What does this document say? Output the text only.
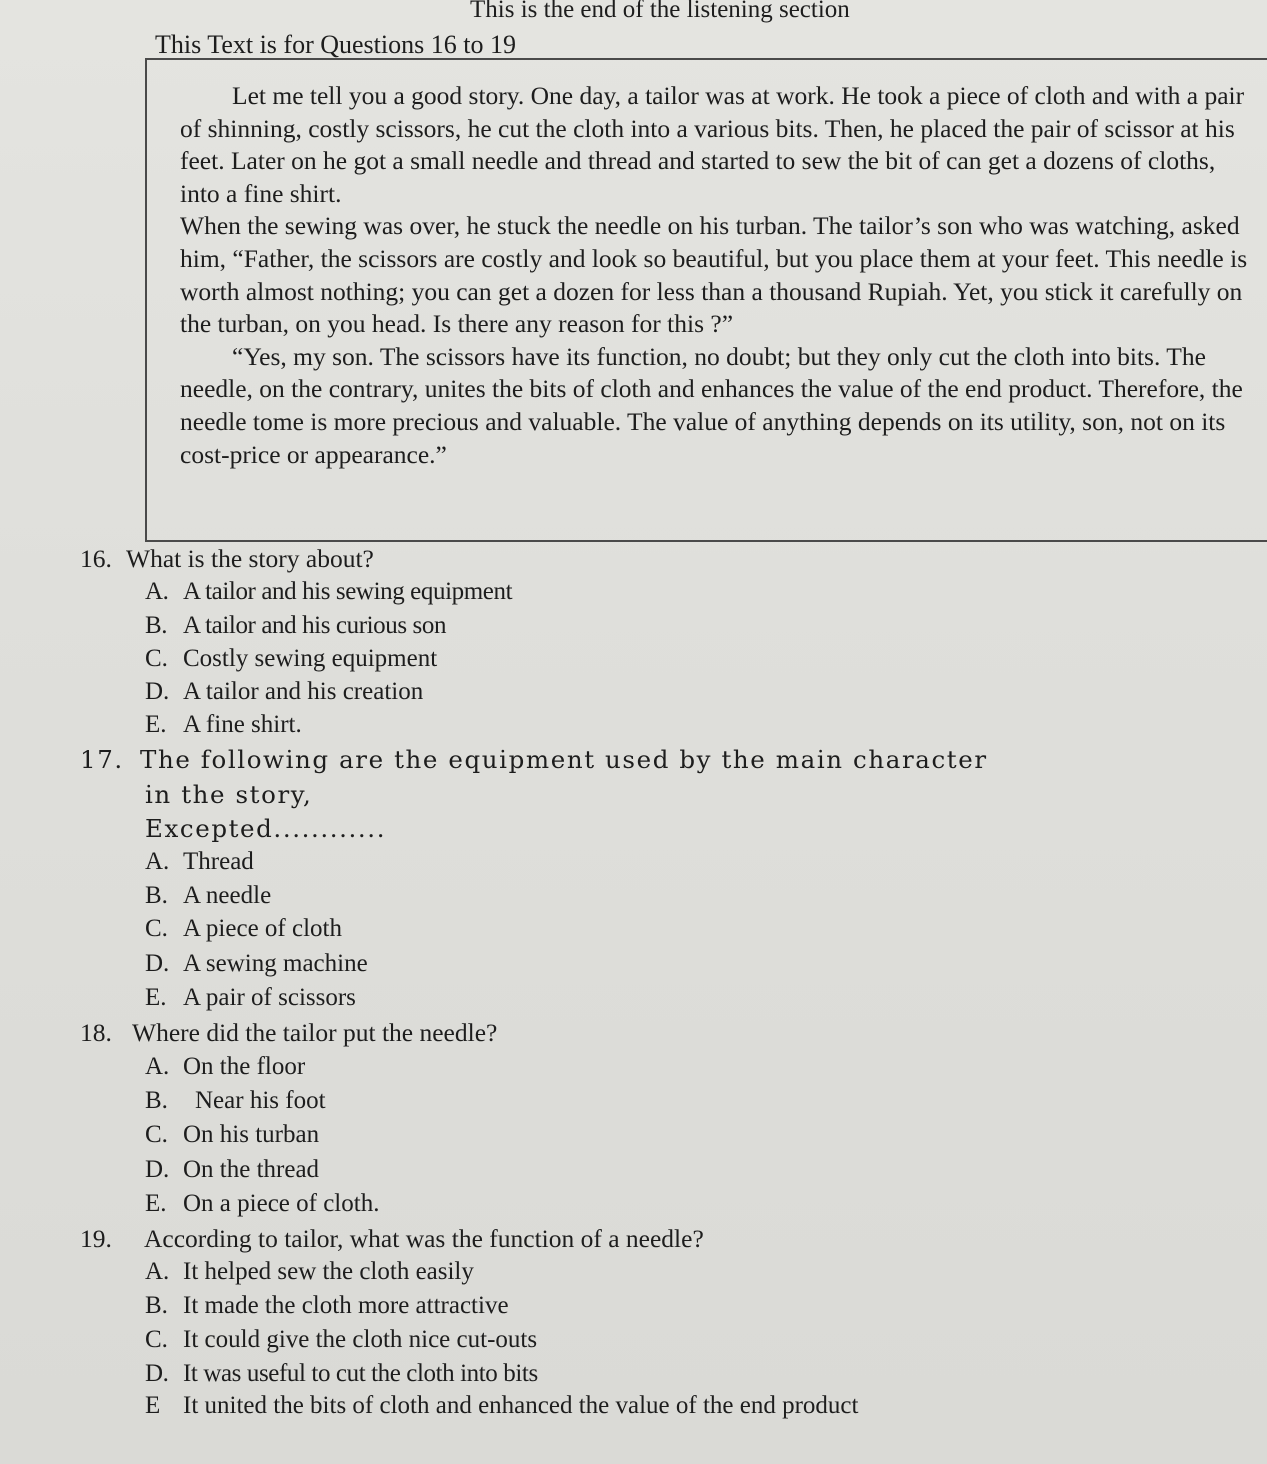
This is the end of the listening section
This Text is for Questions 16 to 19

Let me tell you a good story. One day, a tailor was at work. He took a piece of cloth and with a pair of shinning, costly scissors, he cut the cloth into a various bits. Then, he placed the pair of scissor at his feet. Later on he got a small needle and thread and started to sew the bit of can get a dozens of cloths, into a fine shirt.

When the sewing was over, he stuck the needle on his turban. The tailor’s son who was watching, asked him, “Father, the scissors are costly and look so beautiful, but you place them at your feet. This needle is worth almost nothing; you can get a dozen for less than a thousand Rupiah. Yet, you stick it carefully on the turban, on you head. Is there any reason for this ?”

“Yes, my son. The scissors have its function, no doubt; but they only cut the cloth into bits. The needle, on the contrary, unites the bits of cloth and enhances the value of the end product. Therefore, the needle tome is more precious and valuable. The value of anything depends on its utility, son, not on its cost-price or appearance.”

16. What is the story about?
A. A tailor and his sewing equipment
B. A tailor and his curious son
C. Costly sewing equipment
D. A tailor and his creation
E. A fine shirt.
17. The following are the equipment used by the main character
in the story,
Excepted............
A. Thread
B. A needle
C. A piece of cloth
D. A sewing machine
E. A pair of scissors
18. Where did the tailor put the needle?
A. On the floor
B. Near his foot
C. On his turban
D. On the thread
E. On a piece of cloth.
19. According to tailor, what was the function of a needle?
A. It helped sew the cloth easily
B. It made the cloth more attractive
C. It could give the cloth nice cut-outs
D. It was useful to cut the cloth into bits
E It united the bits of cloth and enhanced the value of the end product
